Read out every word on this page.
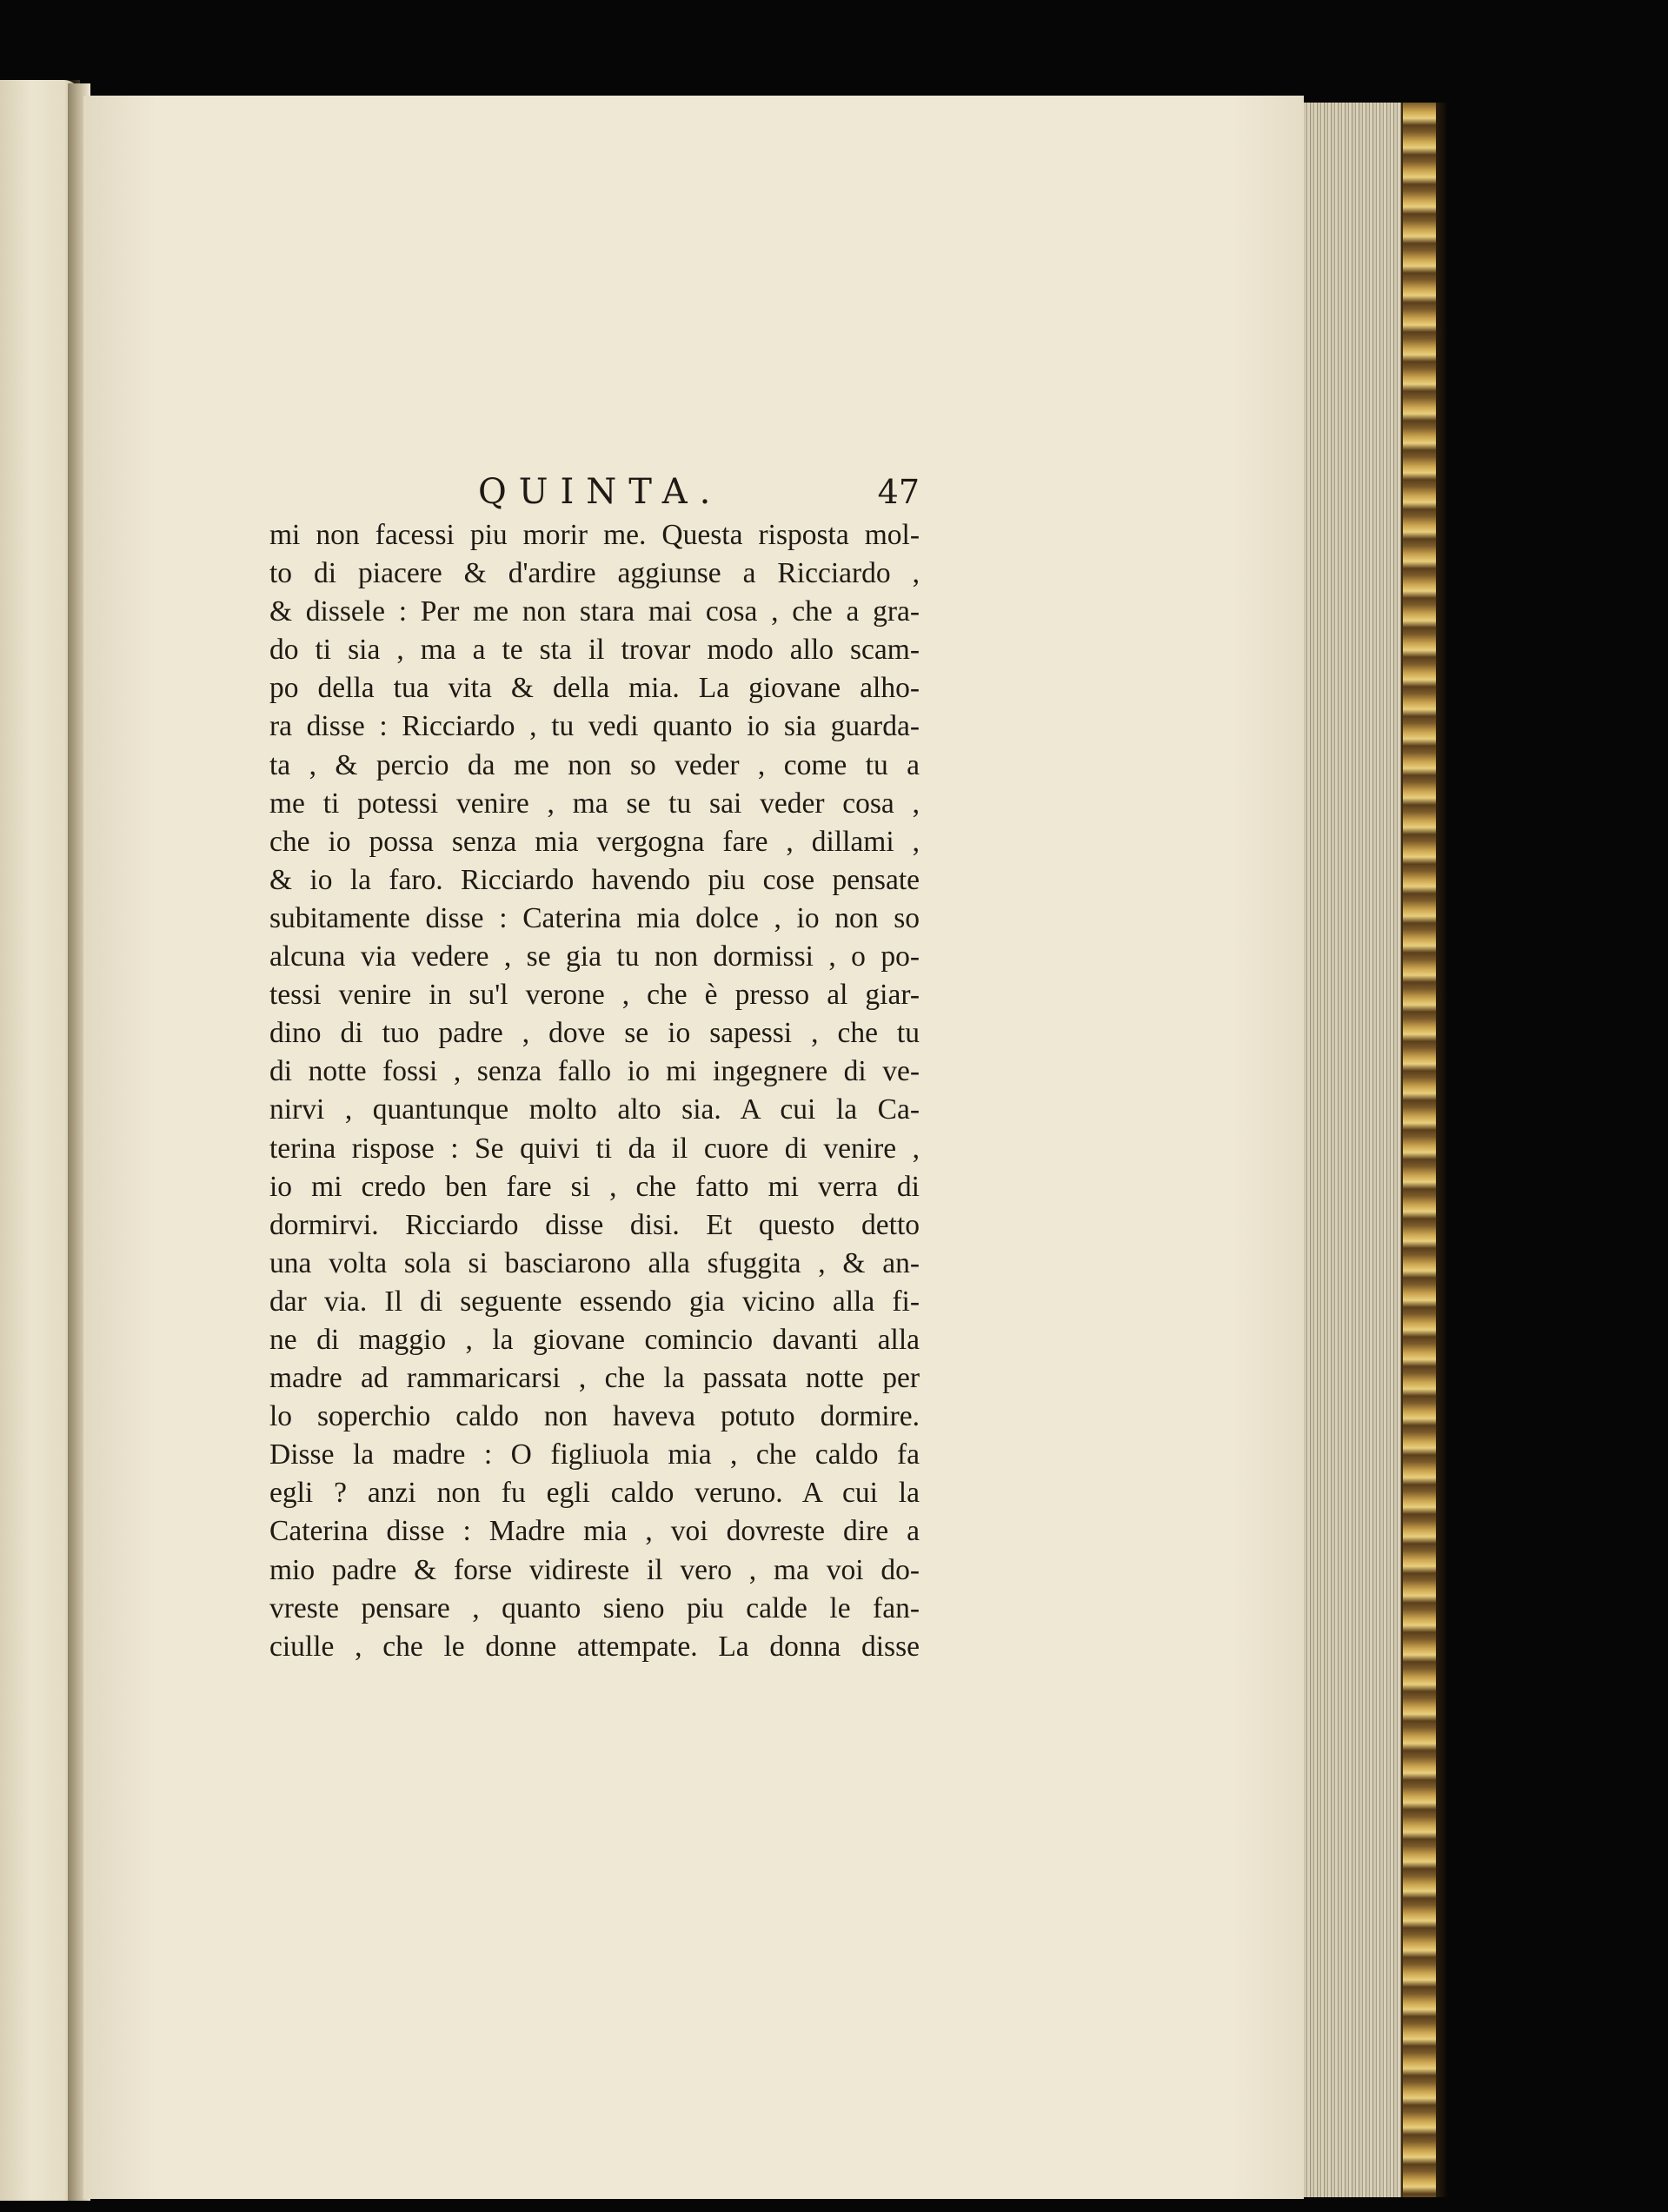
QUINTA.	47
mi non facessi piu morir me. Questa risposta mol-
to di piacere & d'ardire aggiunse a Ricciardo ,
& dissele : Per me non stara mai cosa , che a gra-
do ti sia , ma a te sta il trovar modo allo scam-
po della tua vita & della mia. La giovane alho-
ra disse : Ricciardo , tu vedi quanto io sia guarda-
ta , & percio da me non so veder , come tu a
me ti potessi venire , ma se tu sai veder cosa ,
che io possa senza mia vergogna fare , dillami ,
& io la faro. Ricciardo havendo piu cose pensate
subitamente disse : Caterina mia dolce , io non so
alcuna via vedere , se gia tu non dormissi , o po-
tessi venire in su'l verone , che è presso al giar-
dino di tuo padre , dove se io sapessi , che tu
di notte fossi , senza fallo io mi ingegnere di ve-
nirvi , quantunque molto alto sia. A cui la Ca-
terina rispose : Se quivi ti da il cuore di venire ,
io mi credo ben fare si , che fatto mi verra di
dormirvi. Ricciardo disse disi. Et questo detto
una volta sola si basciarono alla sfuggita , & an-
dar via. Il di seguente essendo gia vicino alla fi-
ne di maggio , la giovane comincio davanti alla
madre ad rammaricarsi , che la passata notte per
lo soperchio caldo non haveva potuto dormire.
Disse la madre : O figliuola mia , che caldo fa
egli ? anzi non fu egli caldo veruno. A cui la
Caterina disse : Madre mia , voi dovreste dire a
mio padre & forse vidireste il vero , ma voi do-
vreste pensare , quanto sieno piu calde le fan-
ciulle , che le donne attempate. La donna disse
